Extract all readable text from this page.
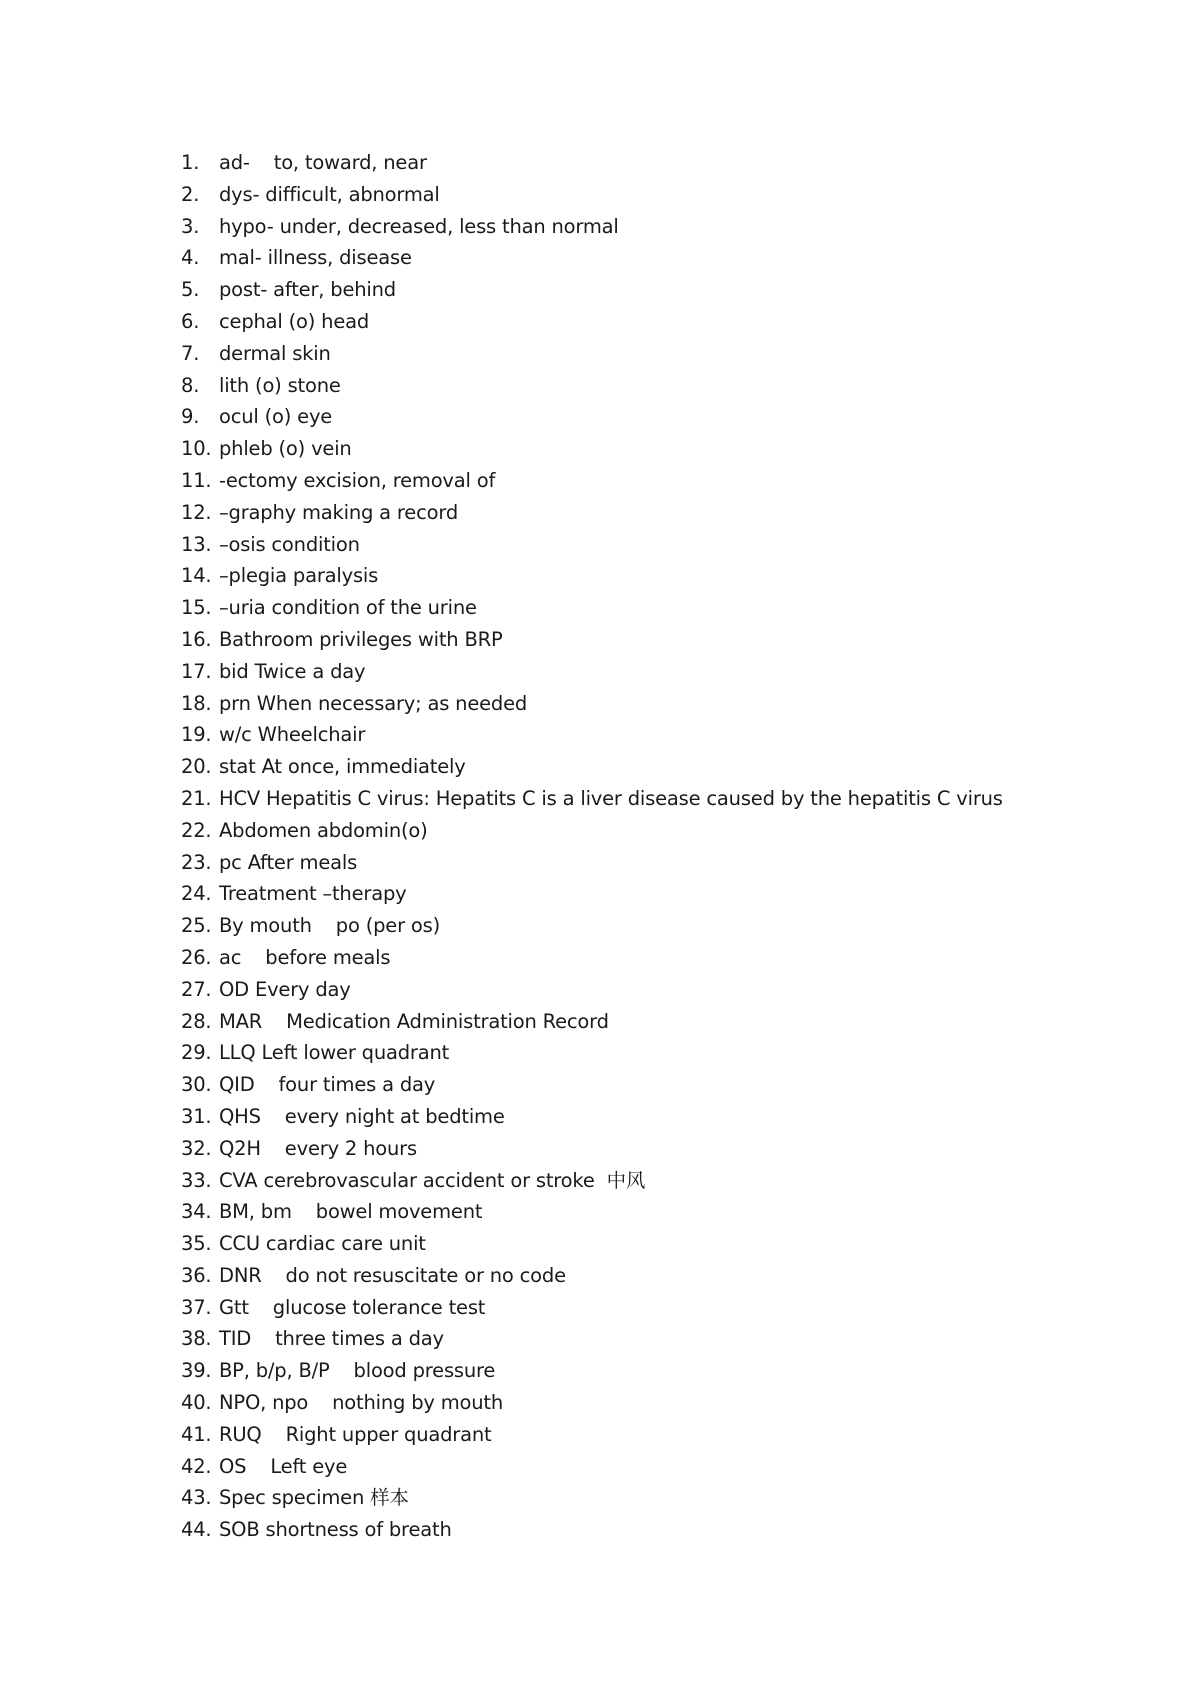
1. ad-    to, toward, near
2. dys- difficult, abnormal
3. hypo- under, decreased, less than normal
4. mal- illness, disease
5. post- after, behind
6. cephal (o) head
7. dermal skin
8. lith (o) stone
9. ocul (o) eye
10. phleb (o) vein
11. -ectomy excision, removal of
12. –graphy making a record
13. –osis condition
14. –plegia paralysis
15. –uria condition of the urine
16. Bathroom privileges with BRP
17. bid Twice a day
18. prn When necessary; as needed
19. w/c Wheelchair
20. stat At once, immediately
21. HCV Hepatitis C virus: Hepatits C is a liver disease caused by the hepatitis C virus
22. Abdomen abdomin(o)
23. pc After meals
24. Treatment –therapy
25. By mouth    po (per os)
26. ac    before meals
27. OD Every day
28. MAR    Medication Administration Record
29. LLQ Left lower quadrant
30. QID    four times a day
31. QHS    every night at bedtime
32. Q2H    every 2 hours
33. CVA cerebrovascular accident or stroke  中风
34. BM, bm    bowel movement
35. CCU cardiac care unit
36. DNR    do not resuscitate or no code
37. Gtt    glucose tolerance test
38. TID    three times a day
39. BP, b/p, B/P    blood pressure
40. NPO, npo    nothing by mouth
41. RUQ    Right upper quadrant
42. OS    Left eye
43. Spec specimen 样本
44. SOB shortness of breath
